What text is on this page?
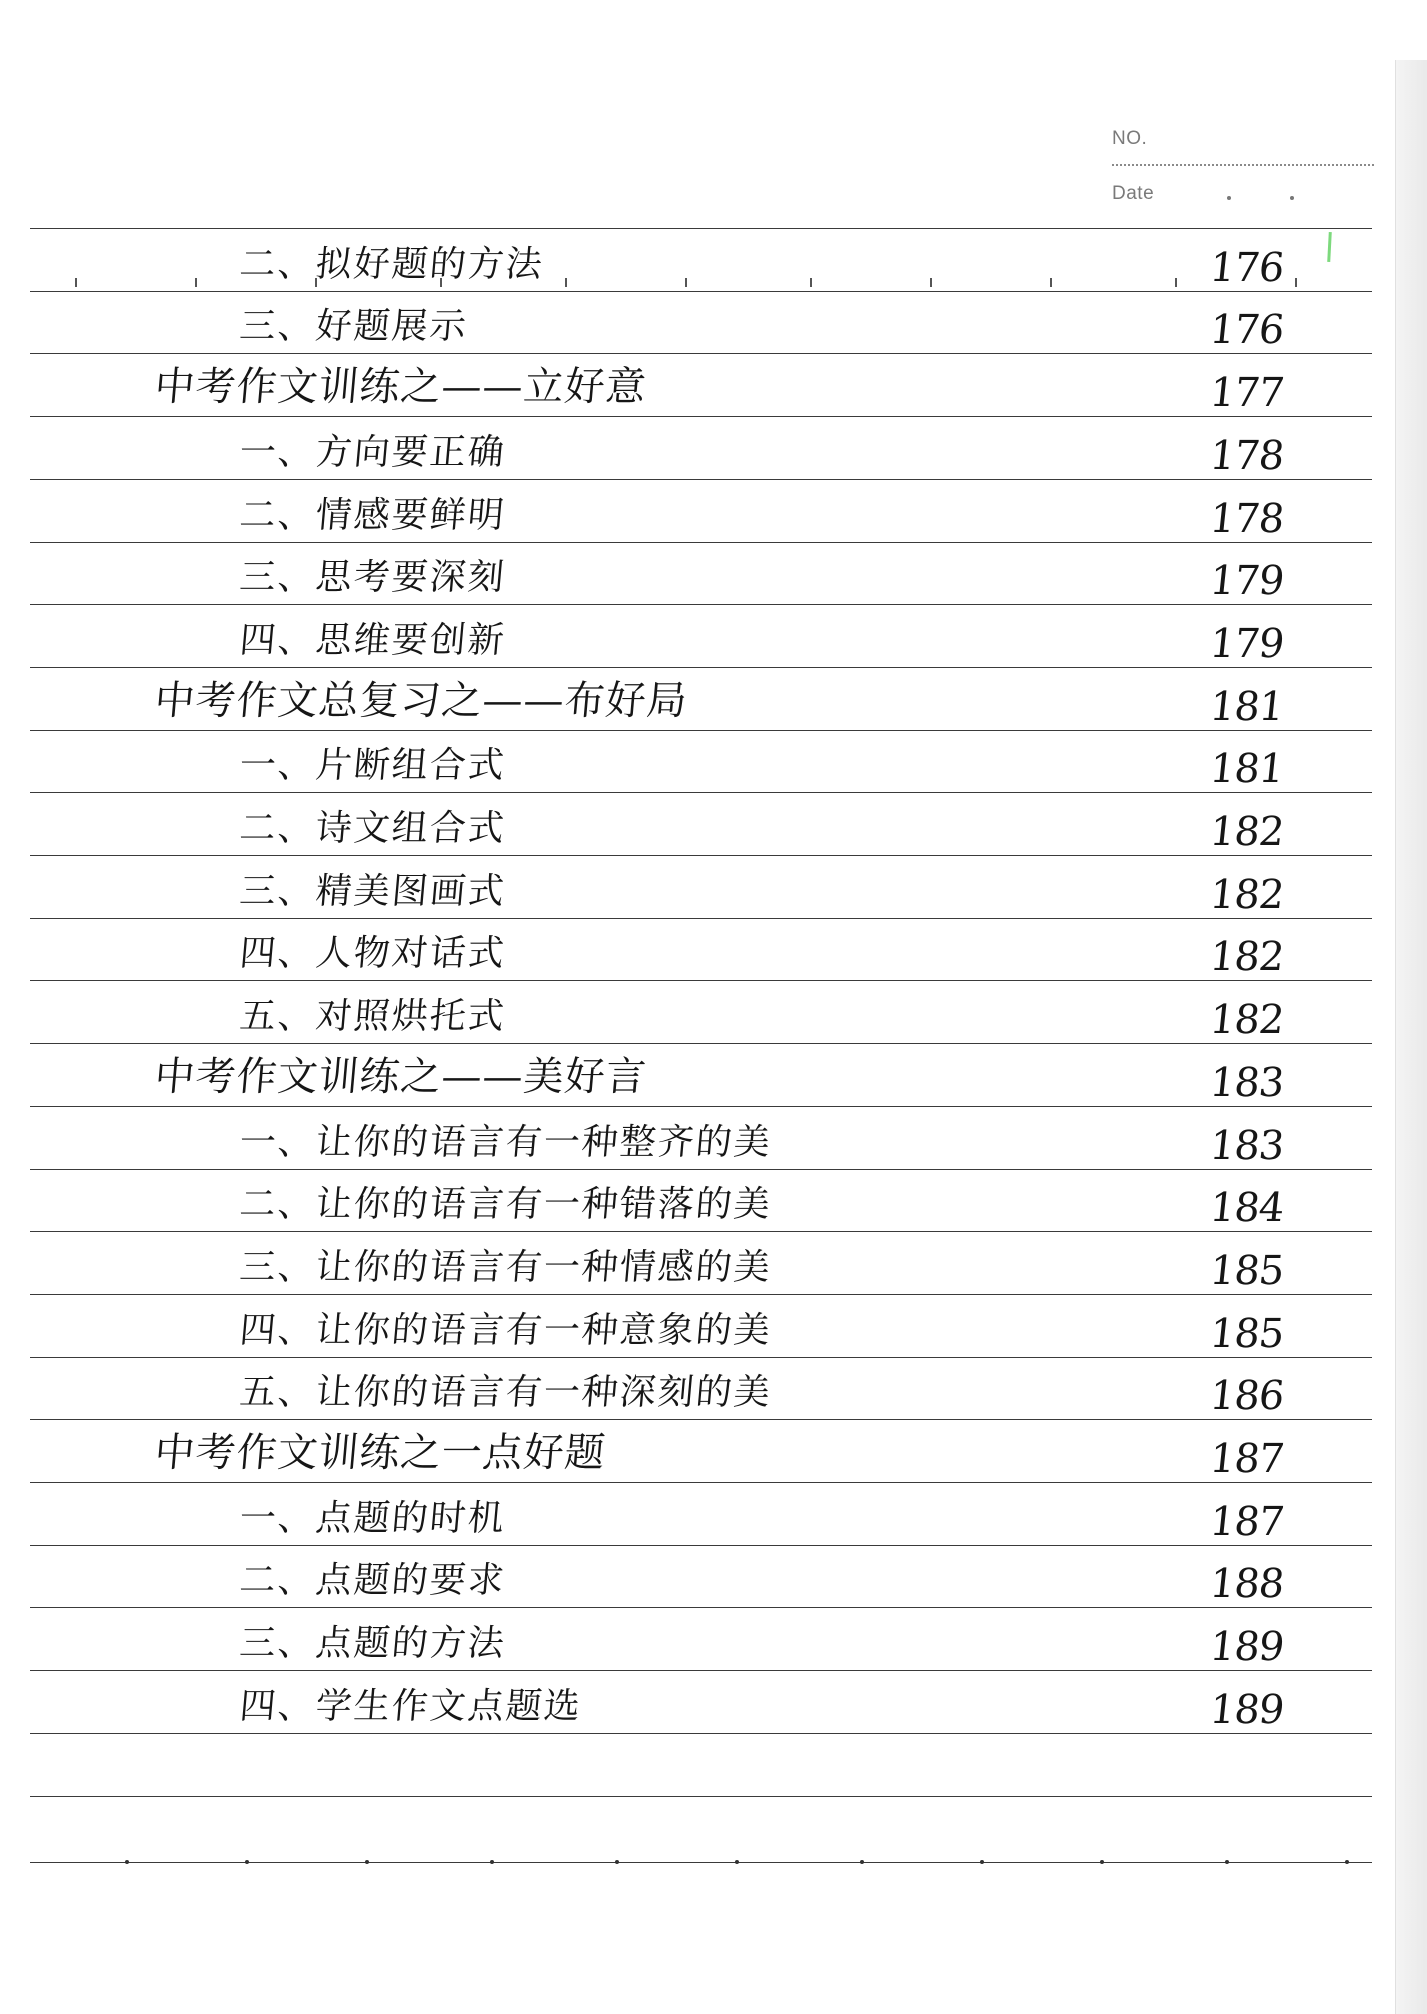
NO.
Date
二、拟好题的方法	176
三、好题展示	176
中考作文训练之——立好意	177
一、方向要正确	178
二、情感要鲜明	178
三、思考要深刻	179
四、思维要创新	179
中考作文总复习之——布好局	181
一、片断组合式	181
二、诗文组合式	182
三、精美图画式	182
四、人物对话式	182
五、对照烘托式	182
中考作文训练之——美好言	183
一、让你的语言有一种整齐的美	183
二、让你的语言有一种错落的美	184
三、让你的语言有一种情感的美	185
四、让你的语言有一种意象的美	185
五、让你的语言有一种深刻的美	186
中考作文训练之一点好题	187
一、点题的时机	187
二、点题的要求	188
三、点题的方法	189
四、学生作文点题选	189
